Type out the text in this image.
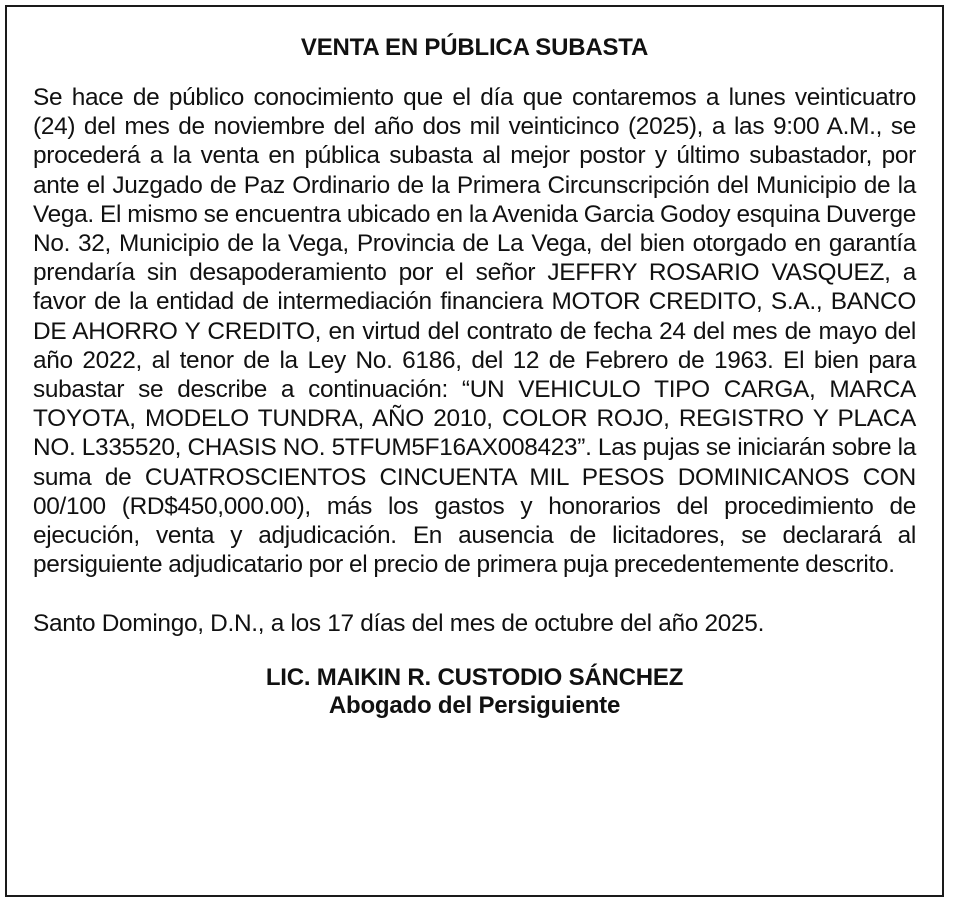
VENTA EN PÚBLICA SUBASTA

Se hace de público conocimiento que el día que contaremos a lunes veinticuatro (24) del mes de noviembre del año dos mil veinticinco (2025), a las 9:00 A.M., se procederá a la venta en pública subasta al mejor postor y último subastador, por ante el Juzgado de Paz Ordinario de la Primera Circunscripción del Municipio de la Vega. El mismo se encuentra ubicado en la Avenida Garcia Godoy esquina Duverge No. 32, Municipio de la Vega, Provincia de La Vega, del bien otorgado en garantía prendaría sin desapoderamiento por el señor JEFFRY ROSARIO VASQUEZ, a favor de la entidad de intermediación financiera MOTOR CREDITO, S.A., BANCO DE AHORRO Y CREDITO, en virtud del contrato de fecha 24 del mes de mayo del año 2022, al tenor de la Ley No. 6186, del 12 de Febrero de 1963. El bien para subastar se describe a continuación: “UN VEHICULO TIPO CARGA, MARCA TOYOTA, MODELO TUNDRA, AÑO 2010, COLOR ROJO, REGISTRO Y PLACA NO. L335520, CHASIS NO. 5TFUM5F16AX008423”. Las pujas se iniciarán sobre la suma de CUATROSCIENTOS CINCUENTA MIL PESOS DOMINICANOS CON 00/100 (RD$450,000.00), más los gastos y honorarios del procedimiento de ejecución, venta y adjudicación. En ausencia de licitadores, se declarará al persiguiente adjudicatario por el precio de primera puja precedentemente descrito.

Santo Domingo, D.N., a los 17 días del mes de octubre del año 2025.

LIC. MAIKIN R. CUSTODIO SÁNCHEZ
Abogado del Persiguiente
